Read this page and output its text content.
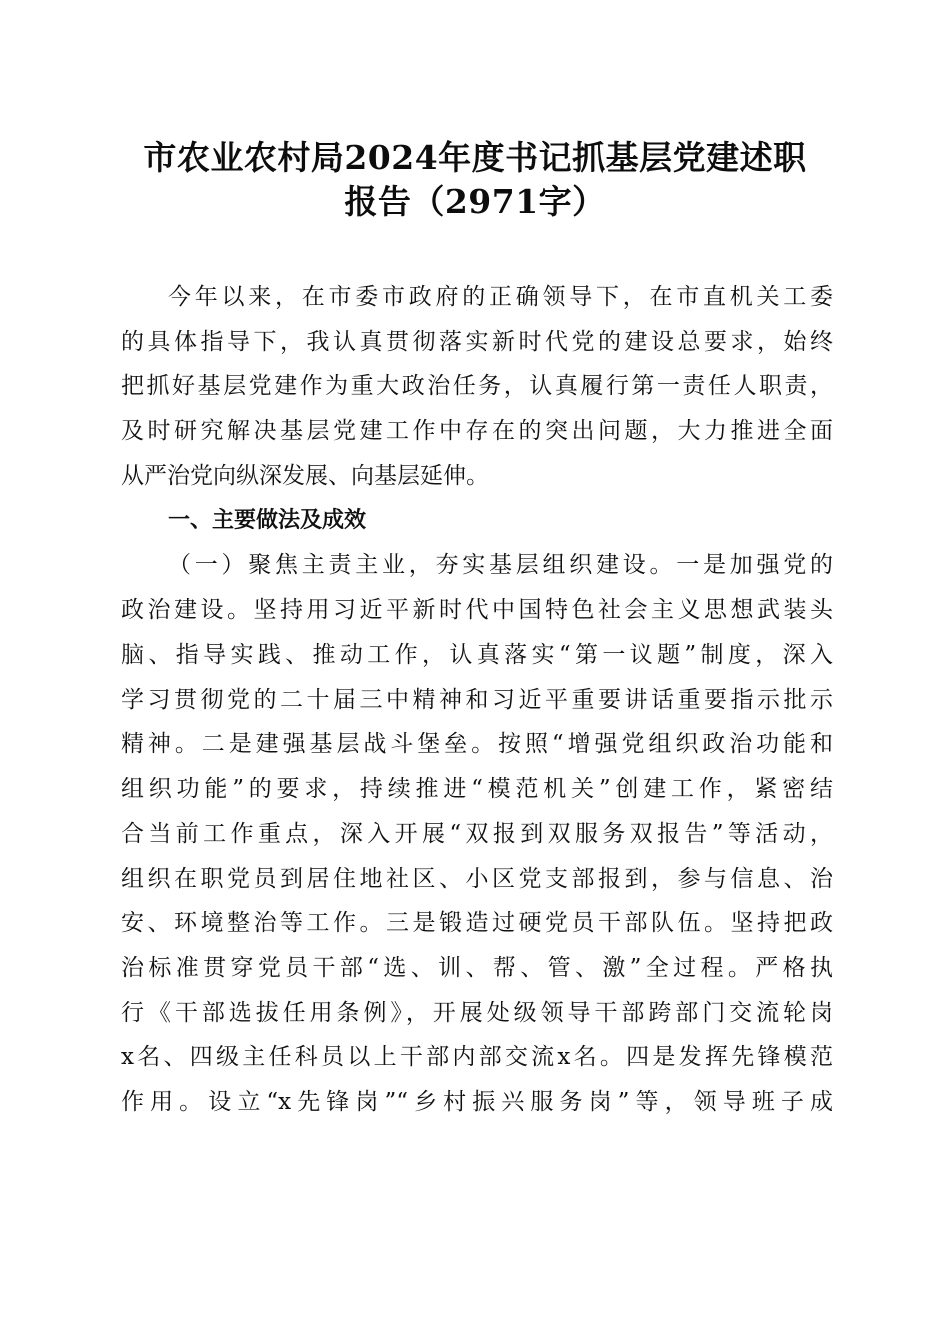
市农业农村局2024年度书记抓基层党建述职
报告（2971字）

今年以来，在市委市政府的正确领导下，在市直机关工委

的具体指导下，我认真贯彻落实新时代党的建设总要求，始终

把抓好基层党建作为重大政治任务，认真履行第一责任人职责，

及时研究解决基层党建工作中存在的突出问题，大力推进全面

从严治党向纵深发展、向基层延伸。

一、主要做法及成效

（一）聚焦主责主业，夯实基层组织建设。一是加强党的

政治建设。坚持用习近平新时代中国特色社会主义思想武装头

脑、指导实践、推动工作，认真落实“第一议题”制度，深入

学习贯彻党的二十届三中精神和习近平重要讲话重要指示批示

精神。二是建强基层战斗堡垒。按照“增强党组织政治功能和

组织功能”的要求，持续推进“模范机关”创建工作，紧密结

合当前工作重点，深入开展“双报到双服务双报告”等活动，

组织在职党员到居住地社区、小区党支部报到，参与信息、治

安、环境整治等工作。三是锻造过硬党员干部队伍。坚持把政

治标准贯穿党员干部“选、训、帮、管、激”全过程。严格执

行《干部选拔任用条例》，开展处级领导干部跨部门交流轮岗

x名、四级主任科员以上干部内部交流x名。四是发挥先锋模范

作用。设立“x先锋岗”“乡村振兴服务岗”等，领导班子成
